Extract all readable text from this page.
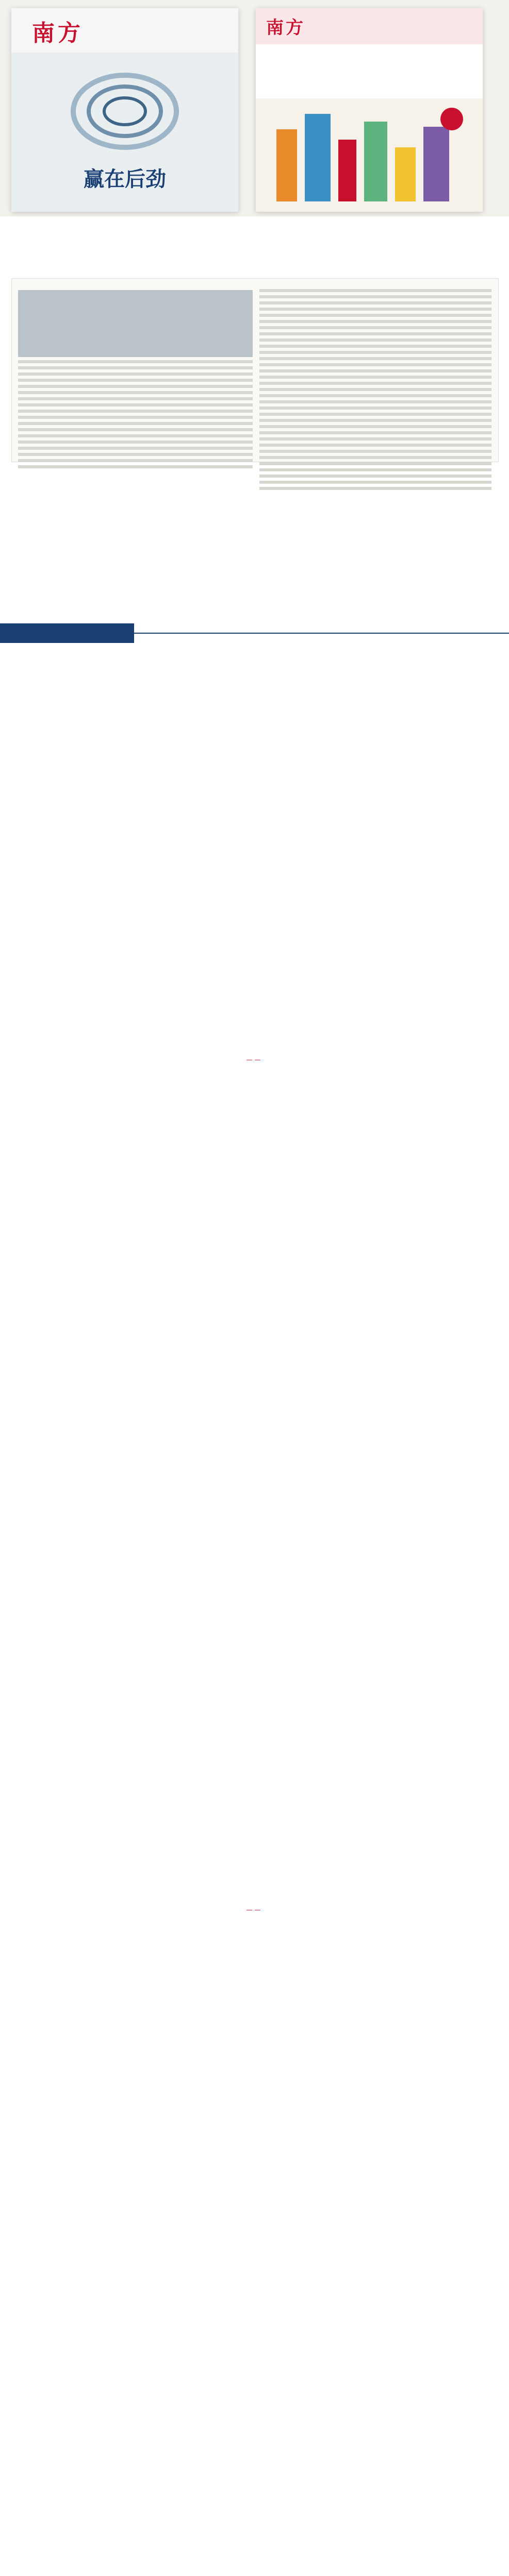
南方
赢在后劲
南方
——
——
